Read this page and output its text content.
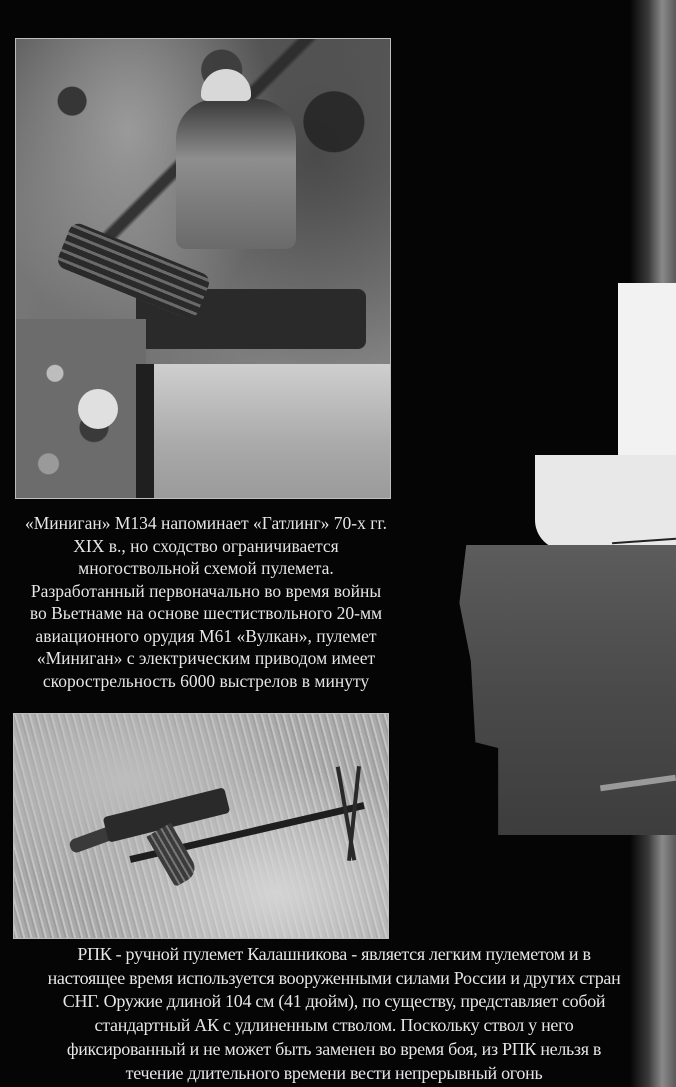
«Миниган» М134 напоминает «Гатлинг» 70-х гг.
XIX в., но сходство ограничивается
многоствольной схемой пулемета.
Разработанный первоначально во время войны
во Вьетнаме на основе шестиствольного 20-мм
авиационного орудия М61 «Вулкан», пулемет
«Миниган» с электрическим приводом имеет
скорострельность 6000 выстрелов в минуту
РПК - ручной пулемет Калашникова - является легким пулеметом и в
настоящее время используется вооруженными силами России и других стран
СНГ. Оружие длиной 104 см (41 дюйм), по существу, представляет собой
стандартный АК с удлиненным стволом. Поскольку ствол у него
фиксированный и не может быть заменен во время боя, из РПК нельзя в
течение длительного времени вести непрерывный огонь
